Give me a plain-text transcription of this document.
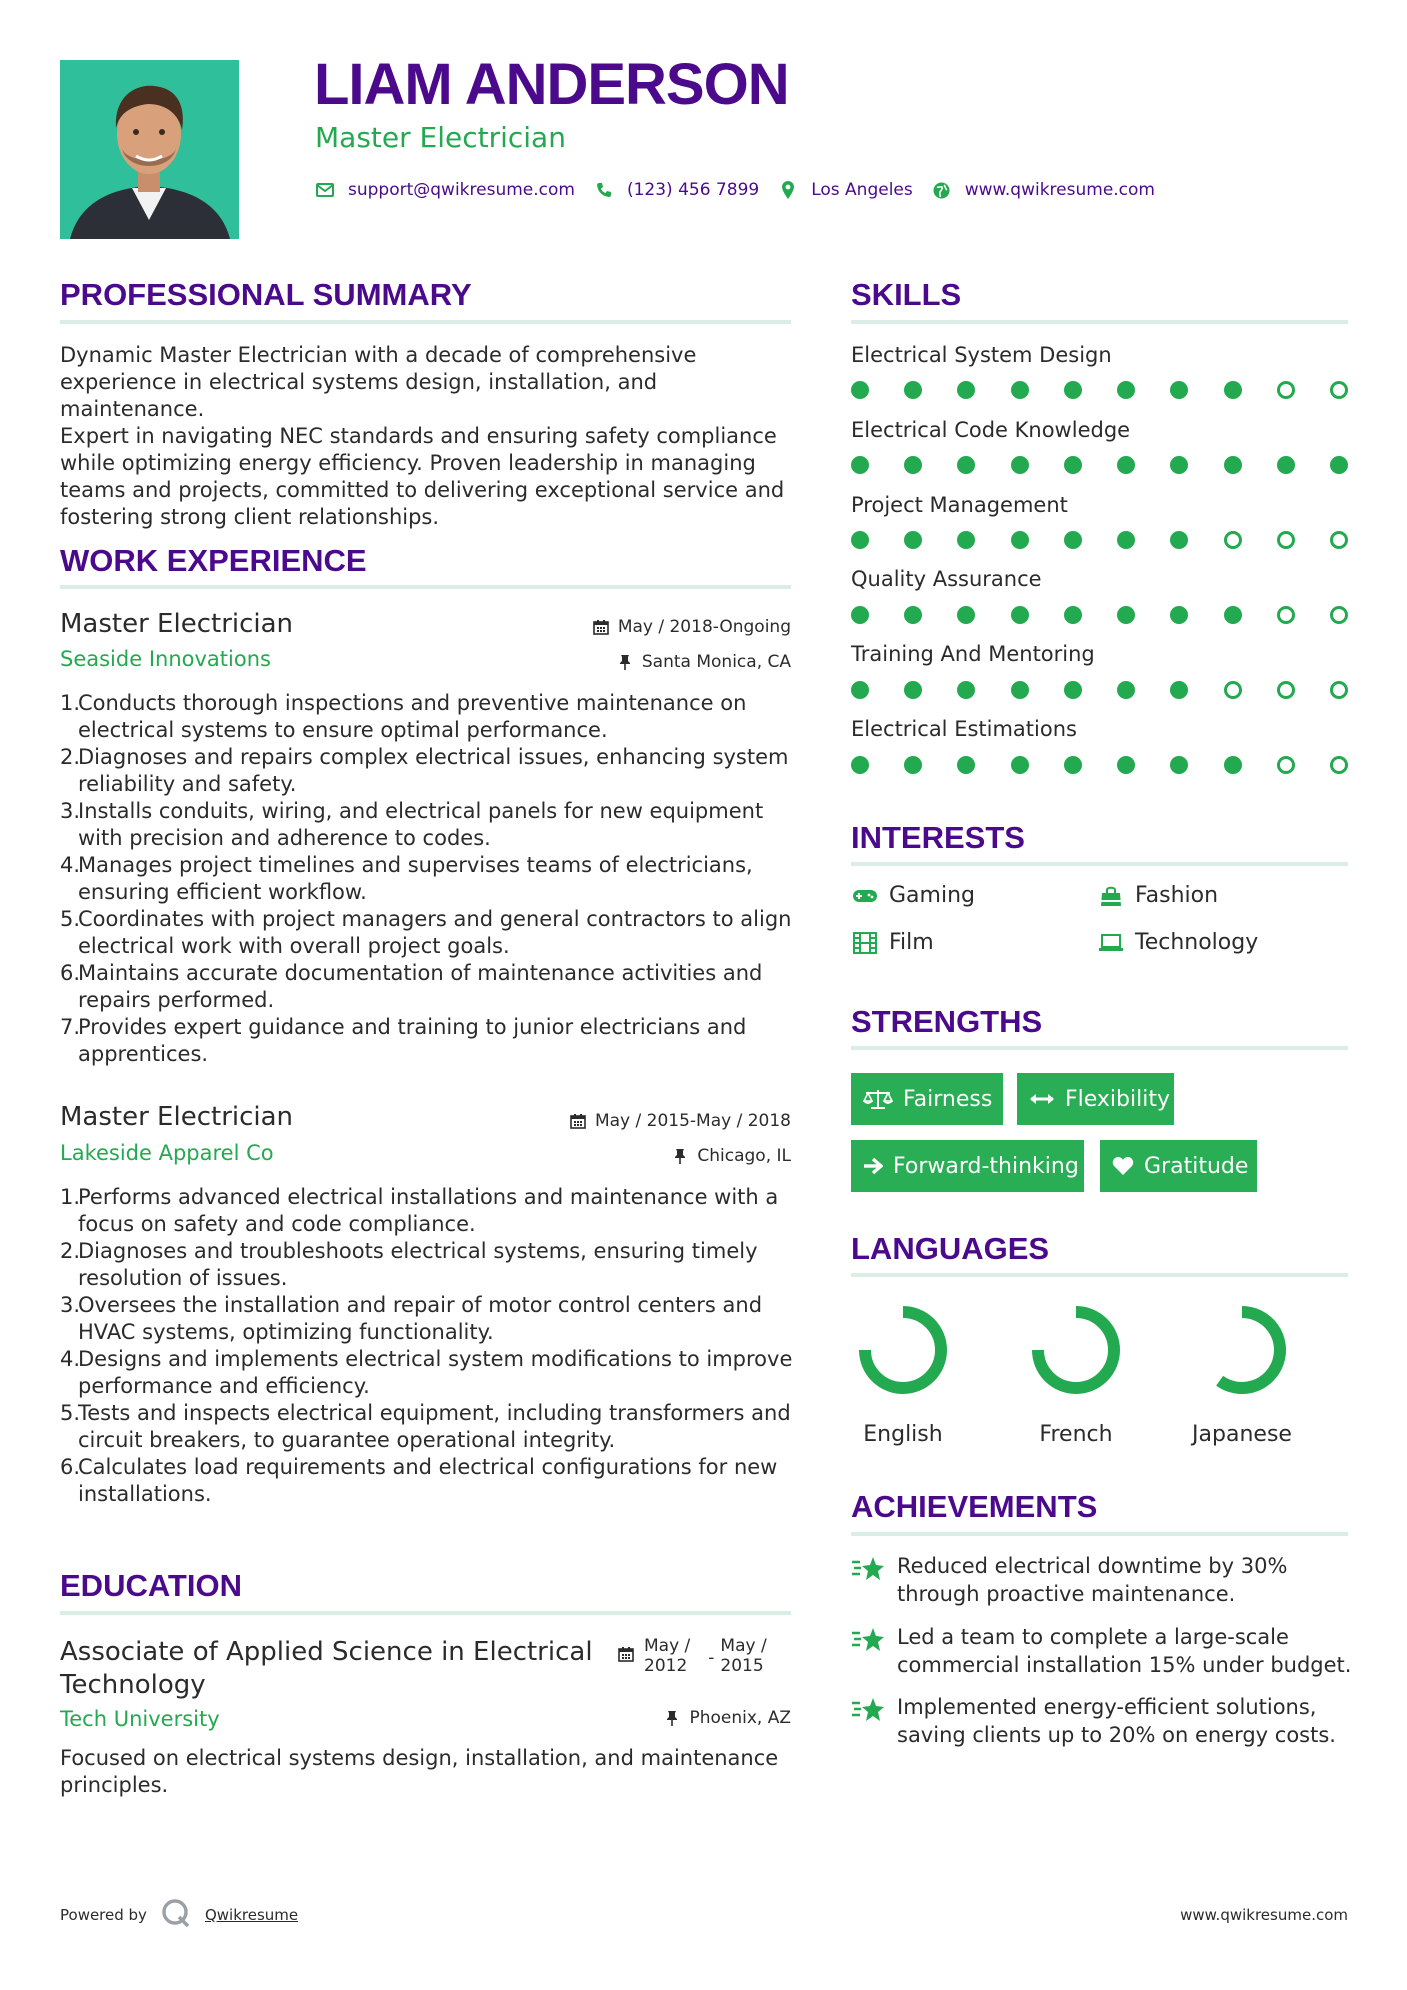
LIAM ANDERSON
Master Electrician
support@qwikresume.com	(123) 456 7899	Los Angeles	www.qwikresume.com
PROFESSIONAL SUMMARY
Dynamic Master Electrician with a decade of comprehensive
experience in electrical systems design, installation, and maintenance.
Expert in navigating NEC standards and ensuring safety compliance
while optimizing energy efficiency. Proven leadership in managing
teams and projects, committed to delivering exceptional service and
fostering strong client relationships.
WORK EXPERIENCE
Master Electrician	May / 2018-Ongoing
Seaside Innovations	Santa Monica, CA
1.
Conducts thorough inspections and preventive maintenance on
electrical systems to ensure optimal performance.
2.
Diagnoses and repairs complex electrical issues, enhancing system
reliability and safety.
3.
Installs conduits, wiring, and electrical panels for new equipment
with precision and adherence to codes.
4.
Manages project timelines and supervises teams of electricians,
ensuring efficient workflow.
5.
Coordinates with project managers and general contractors to align
electrical work with overall project goals.
6.
Maintains accurate documentation of maintenance activities and
repairs performed.
7.
Provides expert guidance and training to junior electricians and
apprentices.
Master Electrician	May / 2015-May / 2018
Lakeside Apparel Co	Chicago, IL
1.
Performs advanced electrical installations and maintenance with a
focus on safety and code compliance.
2.
Diagnoses and troubleshoots electrical systems, ensuring timely
resolution of issues.
3.
Oversees the installation and repair of motor control centers and
HVAC systems, optimizing functionality.
4.
Designs and implements electrical system modifications to improve
performance and efficiency.
5.
Tests and inspects electrical equipment, including transformers and
circuit breakers, to guarantee operational integrity.
6.
Calculates load requirements and electrical configurations for new
installations.
EDUCATION
Associate of Applied Science in Electrical
Technology
May /
2012 -
May /
2015
Tech University	Phoenix, AZ
Focused on electrical systems design, installation, and maintenance
principles.
SKILLS
Electrical System Design
Electrical Code Knowledge
Project Management
Quality Assurance
Training And Mentoring
Electrical Estimations
INTERESTS
Gaming	Fashion
Film	Technology
STRENGTHS
Fairness	Flexibility
Forward-thinking	Gratitude
LANGUAGES
English	French	Japanese
ACHIEVEMENTS
Reduced electrical downtime by 30%
through proactive maintenance.
Led a team to complete a large-scale
commercial installation 15% under budget.
Implemented energy-efficient solutions,
saving clients up to 20% on energy costs.
Powered by	Qwikresume	www.qwikresume.com
